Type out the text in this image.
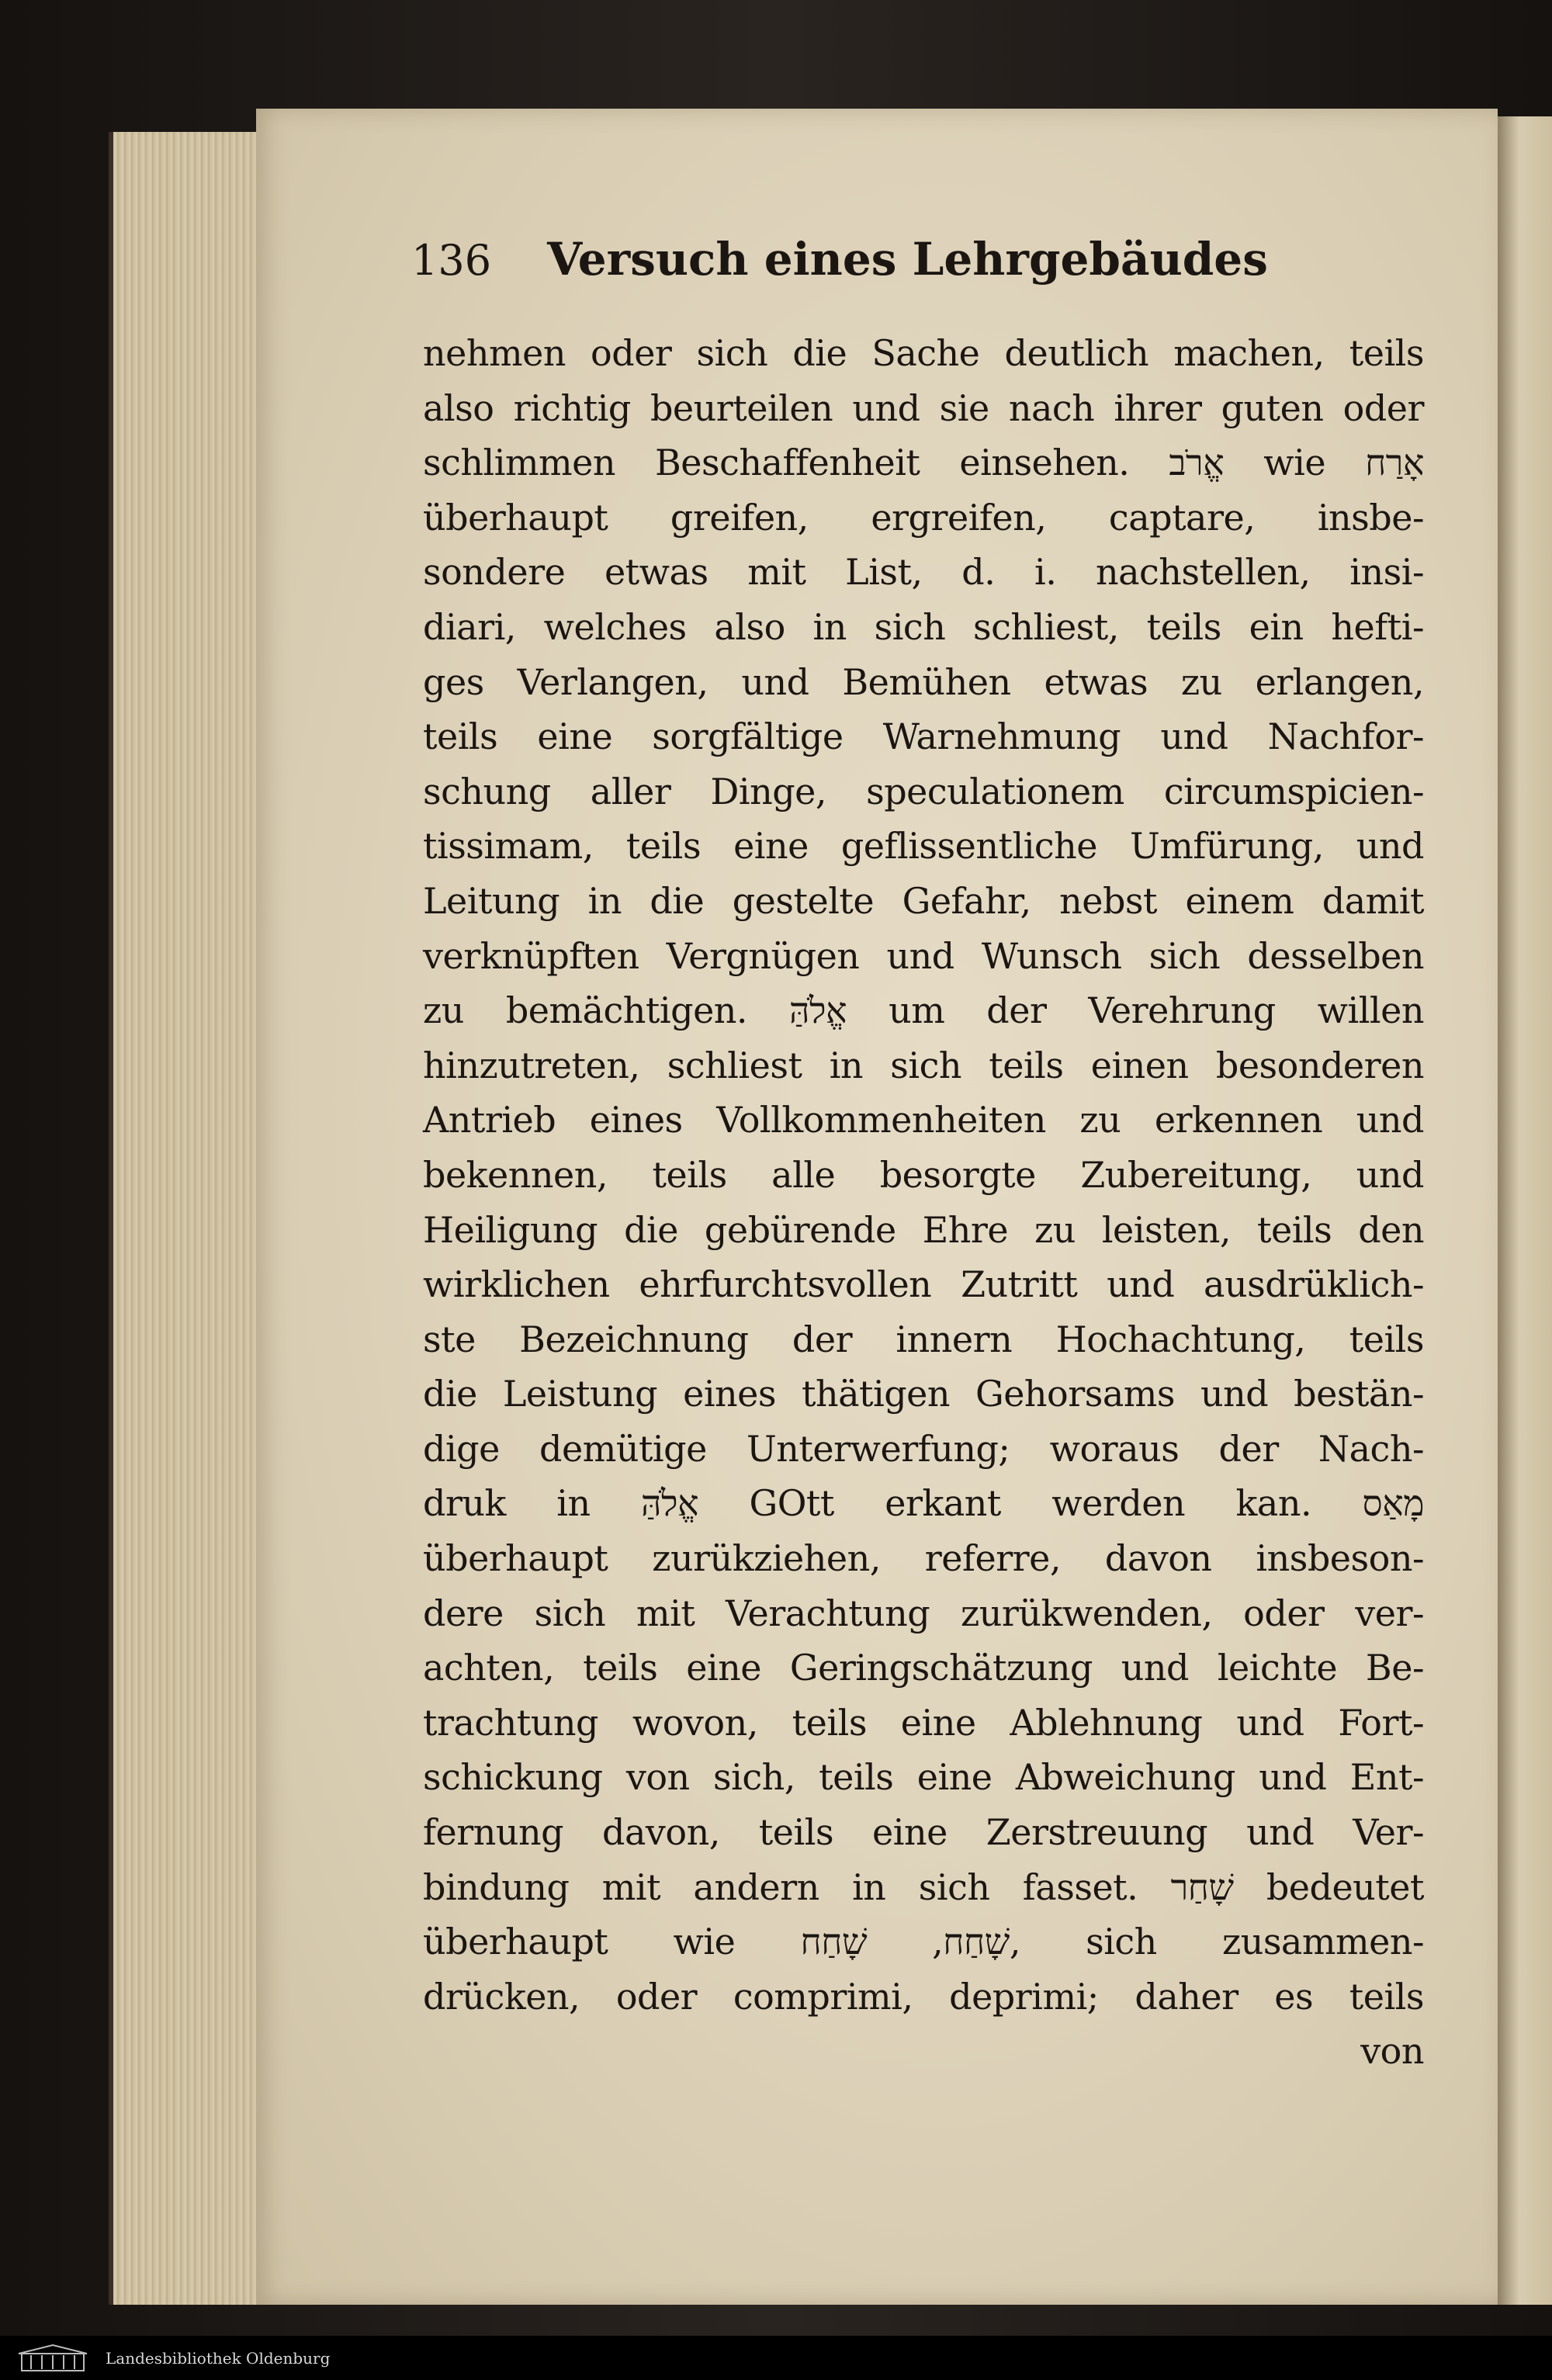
136 Versuch eines Lehrgebäudes
nehmen oder sich die Sache deutlich machen, teils
also richtig beurteilen und sie nach ihrer guten oder
schlimmen Beschaffenheit einsehen. אֱרֹב wie אָרַח
überhaupt greifen, ergreifen, captare, insbe-
sondere etwas mit List, d. i. nachstellen, insi-
diari, welches also in sich schliest, teils ein hefti-
ges Verlangen, und Bemühen etwas zu erlangen,
teils eine sorgfältige Warnehmung und Nachfor-
schung aller Dinge, speculationem circumspicien-
tissimam, teils eine geflissentliche Umfürung, und
Leitung in die gestelte Gefahr, nebst einem damit
verknüpften Vergnügen und Wunsch sich desselben
zu bemächtigen. אֱלֹהַּ um der Verehrung willen
hinzutreten, schliest in sich teils einen besonderen
Antrieb eines Vollkommenheiten zu erkennen und
bekennen, teils alle besorgte Zubereitung, und
Heiligung die gebürende Ehre zu leisten, teils den
wirklichen ehrfurchtsvollen Zutritt und ausdrüklich-
ste Bezeichnung der innern Hochachtung, teils
die Leistung eines thätigen Gehorsams und bestän-
dige demütige Unterwerfung; woraus der Nach-
druk in אֱלֹהַּ GOtt erkant werden kan. מָאַס
überhaupt zurükziehen, referre, davon insbeson-
dere sich mit Verachtung zurükwenden, oder ver-
achten, teils eine Geringschätzung und leichte Be-
trachtung wovon, teils eine Ablehnung und Fort-
schickung von sich, teils eine Abweichung und Ent-
fernung davon, teils eine Zerstreuung und Ver-
bindung mit andern in sich fasset. שָׁחַר bedeutet
überhaupt wie שָׁחַח, שָׁחַח, sich zusammen-
drücken, oder comprimi, deprimi; daher es teils
von
Landesbibliothek Oldenburg
